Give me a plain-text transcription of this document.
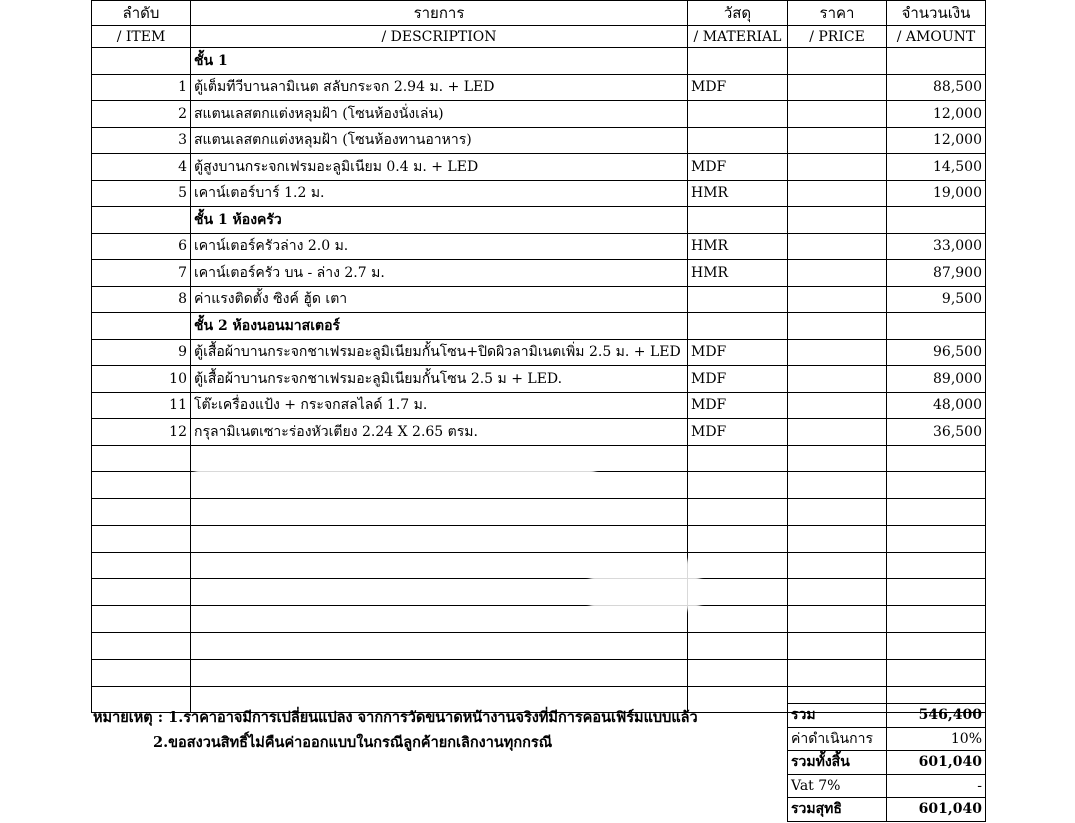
ลำดับ	รายการ	วัสดุ	ราคา	จำนวนเงิน
/ ITEM	/ DESCRIPTION	/ MATERIAL	/ PRICE	/ AMOUNT
	ชั้น 1			
1	ตู้เต็มทีวีบานลามิเนต สลับกระจก 2.94 ม. + LED	MDF		88,500
2	สแตนเลสตกแต่งหลุมฝ้า (โซนห้องนั่งเล่น)			12,000
3	สแตนเลสตกแต่งหลุมฝ้า (โซนห้องทานอาหาร)			12,000
4	ตู้สูงบานกระจกเฟรมอะลูมิเนียม 0.4 ม. + LED	MDF		14,500
5	เคาน์เตอร์บาร์ 1.2 ม.	HMR		19,000
	ชั้น 1 ห้องครัว			
6	เคาน์เตอร์ครัวล่าง 2.0 ม.	HMR		33,000
7	เคาน์เตอร์ครัว บน - ล่าง 2.7 ม.	HMR		87,900
8	ค่าแรงติดตั้ง ซิงค์ ฮู้ด เตา			9,500
	ชั้น 2 ห้องนอนมาสเตอร์			
9	ตู้เสื้อผ้าบานกระจกชาเฟรมอะลูมิเนียมกั้นโซน+ปิดผิวลามิเนตเพิ่ม 2.5 ม. + LED	MDF		96,500
10	ตู้เสื้อผ้าบานกระจกชาเฟรมอะลูมิเนียมกั้นโซน 2.5 ม + LED.	MDF		89,000
11	โต๊ะเครื่องแป้ง + กระจกสลไลด์ 1.7 ม.	MDF		48,000
12	กรุลามิเนตเซาะร่องหัวเตียง 2.24 X 2.65 ตรม.	MDF		36,500

หมายเหตุ : 1.ราคาอาจมีการเปลี่ยนแปลง จากการวัดขนาดหน้างานจริงที่มีการคอนเฟิร์มแบบแล้ว
2.ขอสงวนสิทธิ์ไม่คืนค่าออกแบบในกรณีลูกค้ายกเลิกงานทุกกรณี
รวม	546,400
ค่าดำเนินการ	10%
รวมทั้งสิ้น	601,040
Vat 7%	-
รวมสุทธิ	601,040
